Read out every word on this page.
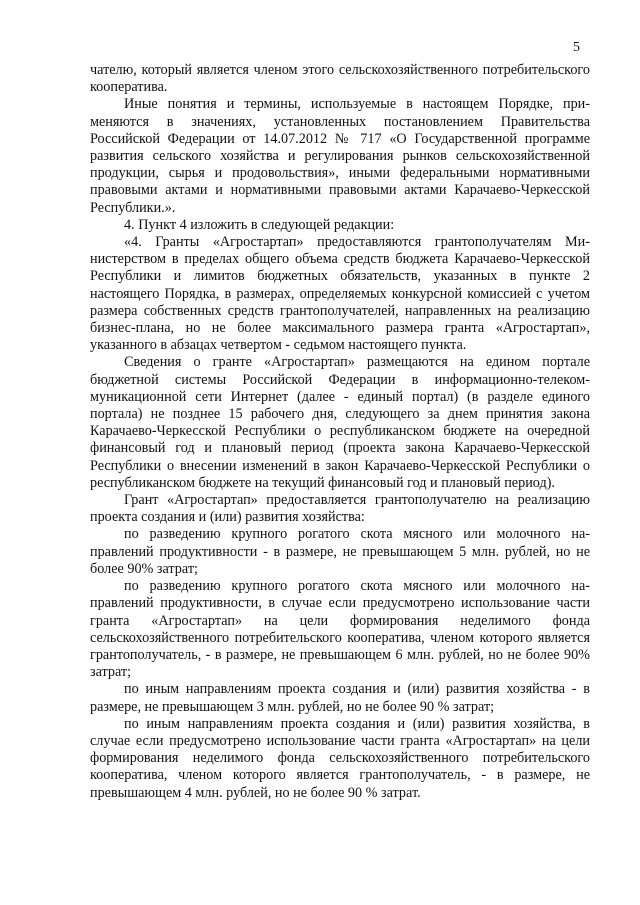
5

чателю, который является членом этого сельскохозяйственного потребительского кооператива.

Иные понятия и термины, используемые в настоящем Порядке, применяются в значениях, установленных постановлением Правительства Российской Федерации от 14.07.2012 № 717 «О Государственной программе развития сельского хозяйства и регулирования рынков сельскохозяйственной продукции, сырья и продовольствия», иными федеральными нормативными правовыми актами и нормативными правовыми актами Карачаево-Черкесской Республики.».

4. Пункт 4 изложить в следующей редакции:

«4. Гранты «Агростартап» предоставляются грантополучателям Министерством в пределах общего объема средств бюджета Карачаево-Черкесской Республики и лимитов бюджетных обязательств, указанных в пункте 2 настоящего Порядка, в размерах, определяемых конкурсной комиссией с учетом размера собственных средств грантополучателей, направленных на реализацию бизнес-плана, но не более максимального размера гранта «Агростартап», указанного в абзацах четвертом - седьмом настоящего пункта.

Сведения о гранте «Агростартап» размещаются на едином портале бюджетной системы Российской Федерации в информационно-телекоммуникационной сети Интернет (далее - единый портал) (в разделе единого портала) не позднее 15 рабочего дня, следующего за днем принятия закона Карачаево-Черкесской Республики о республиканском бюджете на очередной финансовый год и плановый период (проекта закона Карачаево-Черкесской Республики о внесении изменений в закон Карачаево-Черкесской Республики о республиканском бюджете на текущий финансовый год и плановый период).

Грант «Агростартап» предоставляется грантополучателю на реализацию проекта создания и (или) развития хозяйства:

по разведению крупного рогатого скота мясного или молочного направлений продуктивности - в размере, не превышающем 5 млн. рублей, но не более 90% затрат;

по разведению крупного рогатого скота мясного или молочного направлений продуктивности, в случае если предусмотрено использование части гранта «Агростартап» на цели формирования неделимого фонда сельскохозяйственного потребительского кооператива, членом которого является грантополучатель, - в размере, не превышающем 6 млн. рублей, но не более 90% затрат;

по иным направлениям проекта создания и (или) развития хозяйства - в размере, не превышающем 3 млн. рублей, но не более 90 % затрат;

по иным направлениям проекта создания и (или) развития хозяйства, в случае если предусмотрено использование части гранта «Агростартап» на цели формирования неделимого фонда сельскохозяйственного потребительского кооператива, членом которого является грантополучатель, - в размере, не превышающем 4 млн. рублей, но не более 90 % затрат.
